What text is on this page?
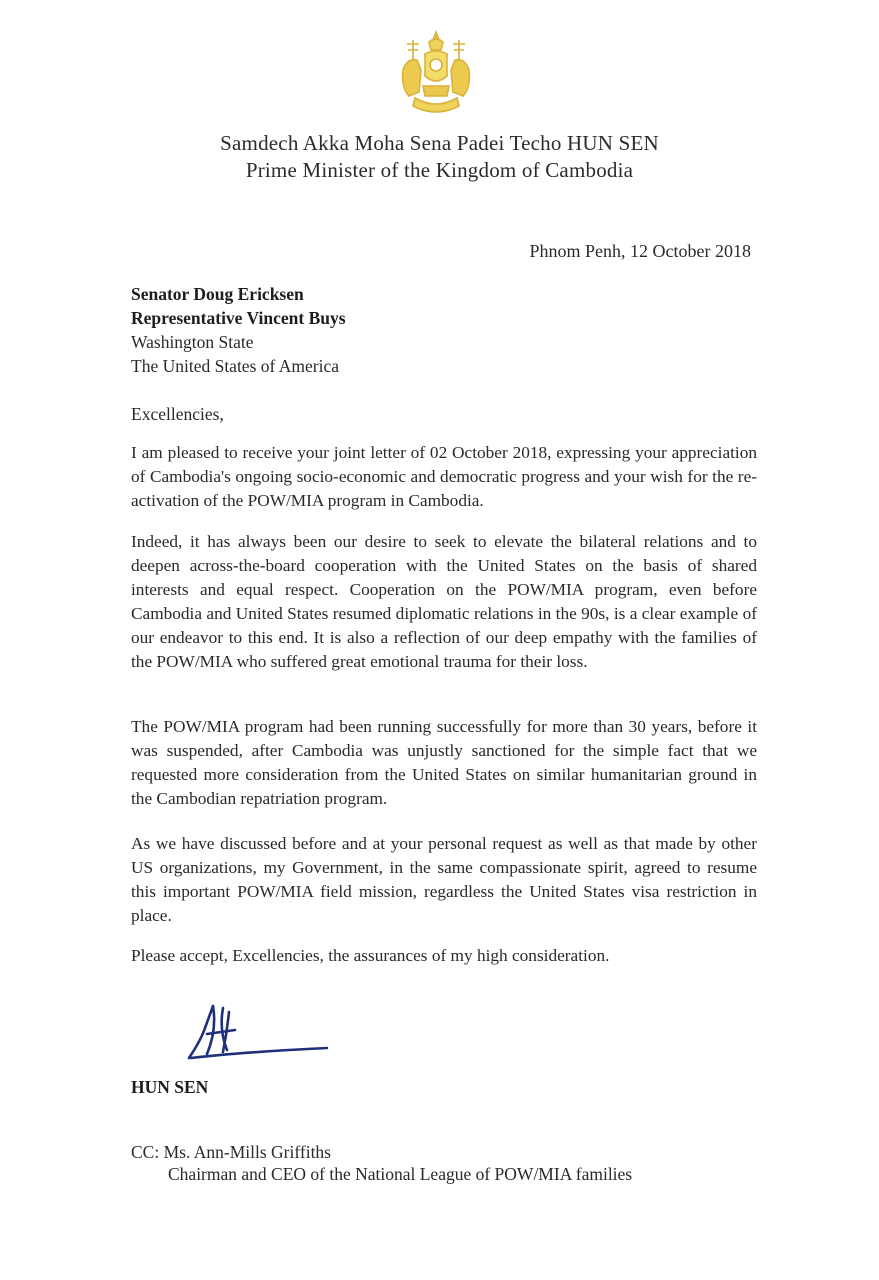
Samdech Akka Moha Sena Padei Techo HUN SEN
Prime Minister of the Kingdom of Cambodia
Phnom Penh, 12 October 2018
Senator Doug Ericksen
Representative Vincent Buys
Washington State
The United States of America
Excellencies,
I am pleased to receive your joint letter of 02 October 2018, expressing your appreciation of Cambodia's ongoing socio-economic and democratic progress and your wish for the re-activation of the POW/MIA program in Cambodia.
Indeed, it has always been our desire to seek to elevate the bilateral relations and to deepen across-the-board cooperation with the United States on the basis of shared interests and equal respect. Cooperation on the POW/MIA program, even before Cambodia and United States resumed diplomatic relations in the 90s, is a clear example of our endeavor to this end. It is also a reflection of our deep empathy with the families of the POW/MIA who suffered great emotional trauma for their loss.
The POW/MIA program had been running successfully for more than 30 years, before it was suspended, after Cambodia was unjustly sanctioned for the simple fact that we requested more consideration from the United States on similar humanitarian ground in the Cambodian repatriation program.
As we have discussed before and at your personal request as well as that made by other US organizations, my Government, in the same compassionate spirit, agreed to resume this important POW/MIA field mission, regardless the United States visa restriction in place.
Please accept, Excellencies, the assurances of my high consideration.
HUN SEN
CC: Ms. Ann-Mills Griffiths
Chairman and CEO of the National League of POW/MIA families
